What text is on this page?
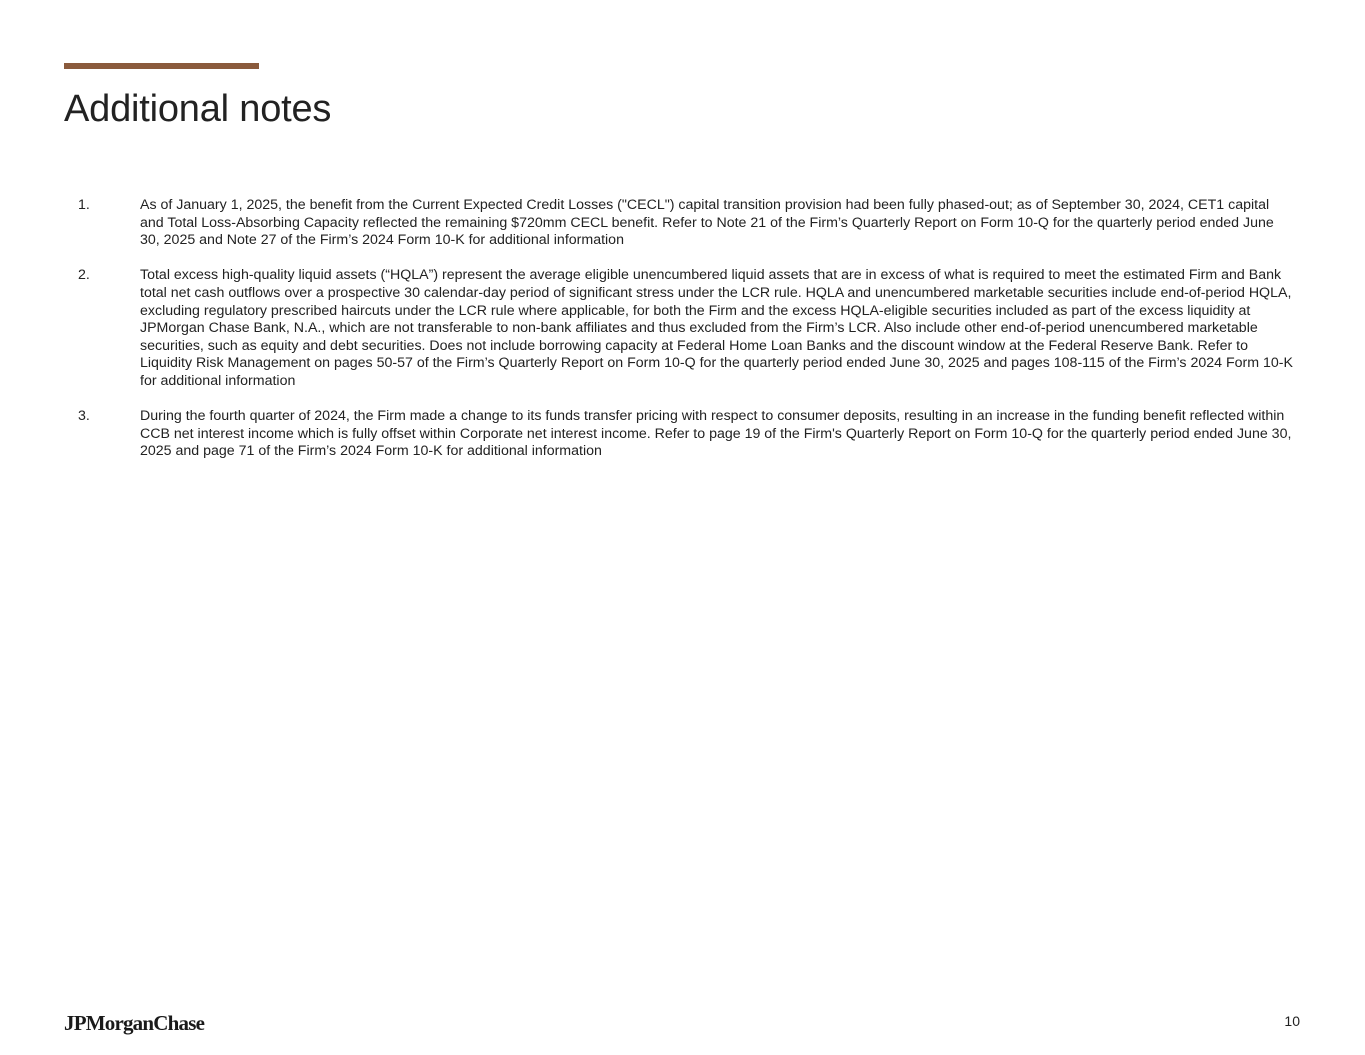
Additional notes
1.	As of January 1, 2025, the benefit from the Current Expected Credit Losses ("CECL") capital transition provision had been fully phased-out; as of September 30, 2024, CET1 capital and Total Loss-Absorbing Capacity reflected the remaining $720mm CECL benefit. Refer to Note 21 of the Firm’s Quarterly Report on Form 10-Q for the quarterly period ended June 30, 2025 and Note 27 of the Firm’s 2024 Form 10-K for additional information
2.	Total excess high-quality liquid assets (“HQLA”) represent the average eligible unencumbered liquid assets that are in excess of what is required to meet the estimated Firm and Bank total net cash outflows over a prospective 30 calendar-day period of significant stress under the LCR rule. HQLA and unencumbered marketable securities include end-of-period HQLA, excluding regulatory prescribed haircuts under the LCR rule where applicable, for both the Firm and the excess HQLA-eligible securities included as part of the excess liquidity at JPMorgan Chase Bank, N.A., which are not transferable to non-bank affiliates and thus excluded from the Firm’s LCR. Also include other end-of-period unencumbered marketable securities, such as equity and debt securities. Does not include borrowing capacity at Federal Home Loan Banks and the discount window at the Federal Reserve Bank. Refer to Liquidity Risk Management on pages 50-57 of the Firm’s Quarterly Report on Form 10-Q for the quarterly period ended June 30, 2025 and pages 108-115 of the Firm’s 2024 Form 10-K for additional information
3.	During the fourth quarter of 2024, the Firm made a change to its funds transfer pricing with respect to consumer deposits, resulting in an increase in the funding benefit reflected within CCB net interest income which is fully offset within Corporate net interest income. Refer to page 19 of the Firm's Quarterly Report on Form 10-Q for the quarterly period ended June 30, 2025 and page 71 of the Firm’s 2024 Form 10-K for additional information
JPMorganChase	10
